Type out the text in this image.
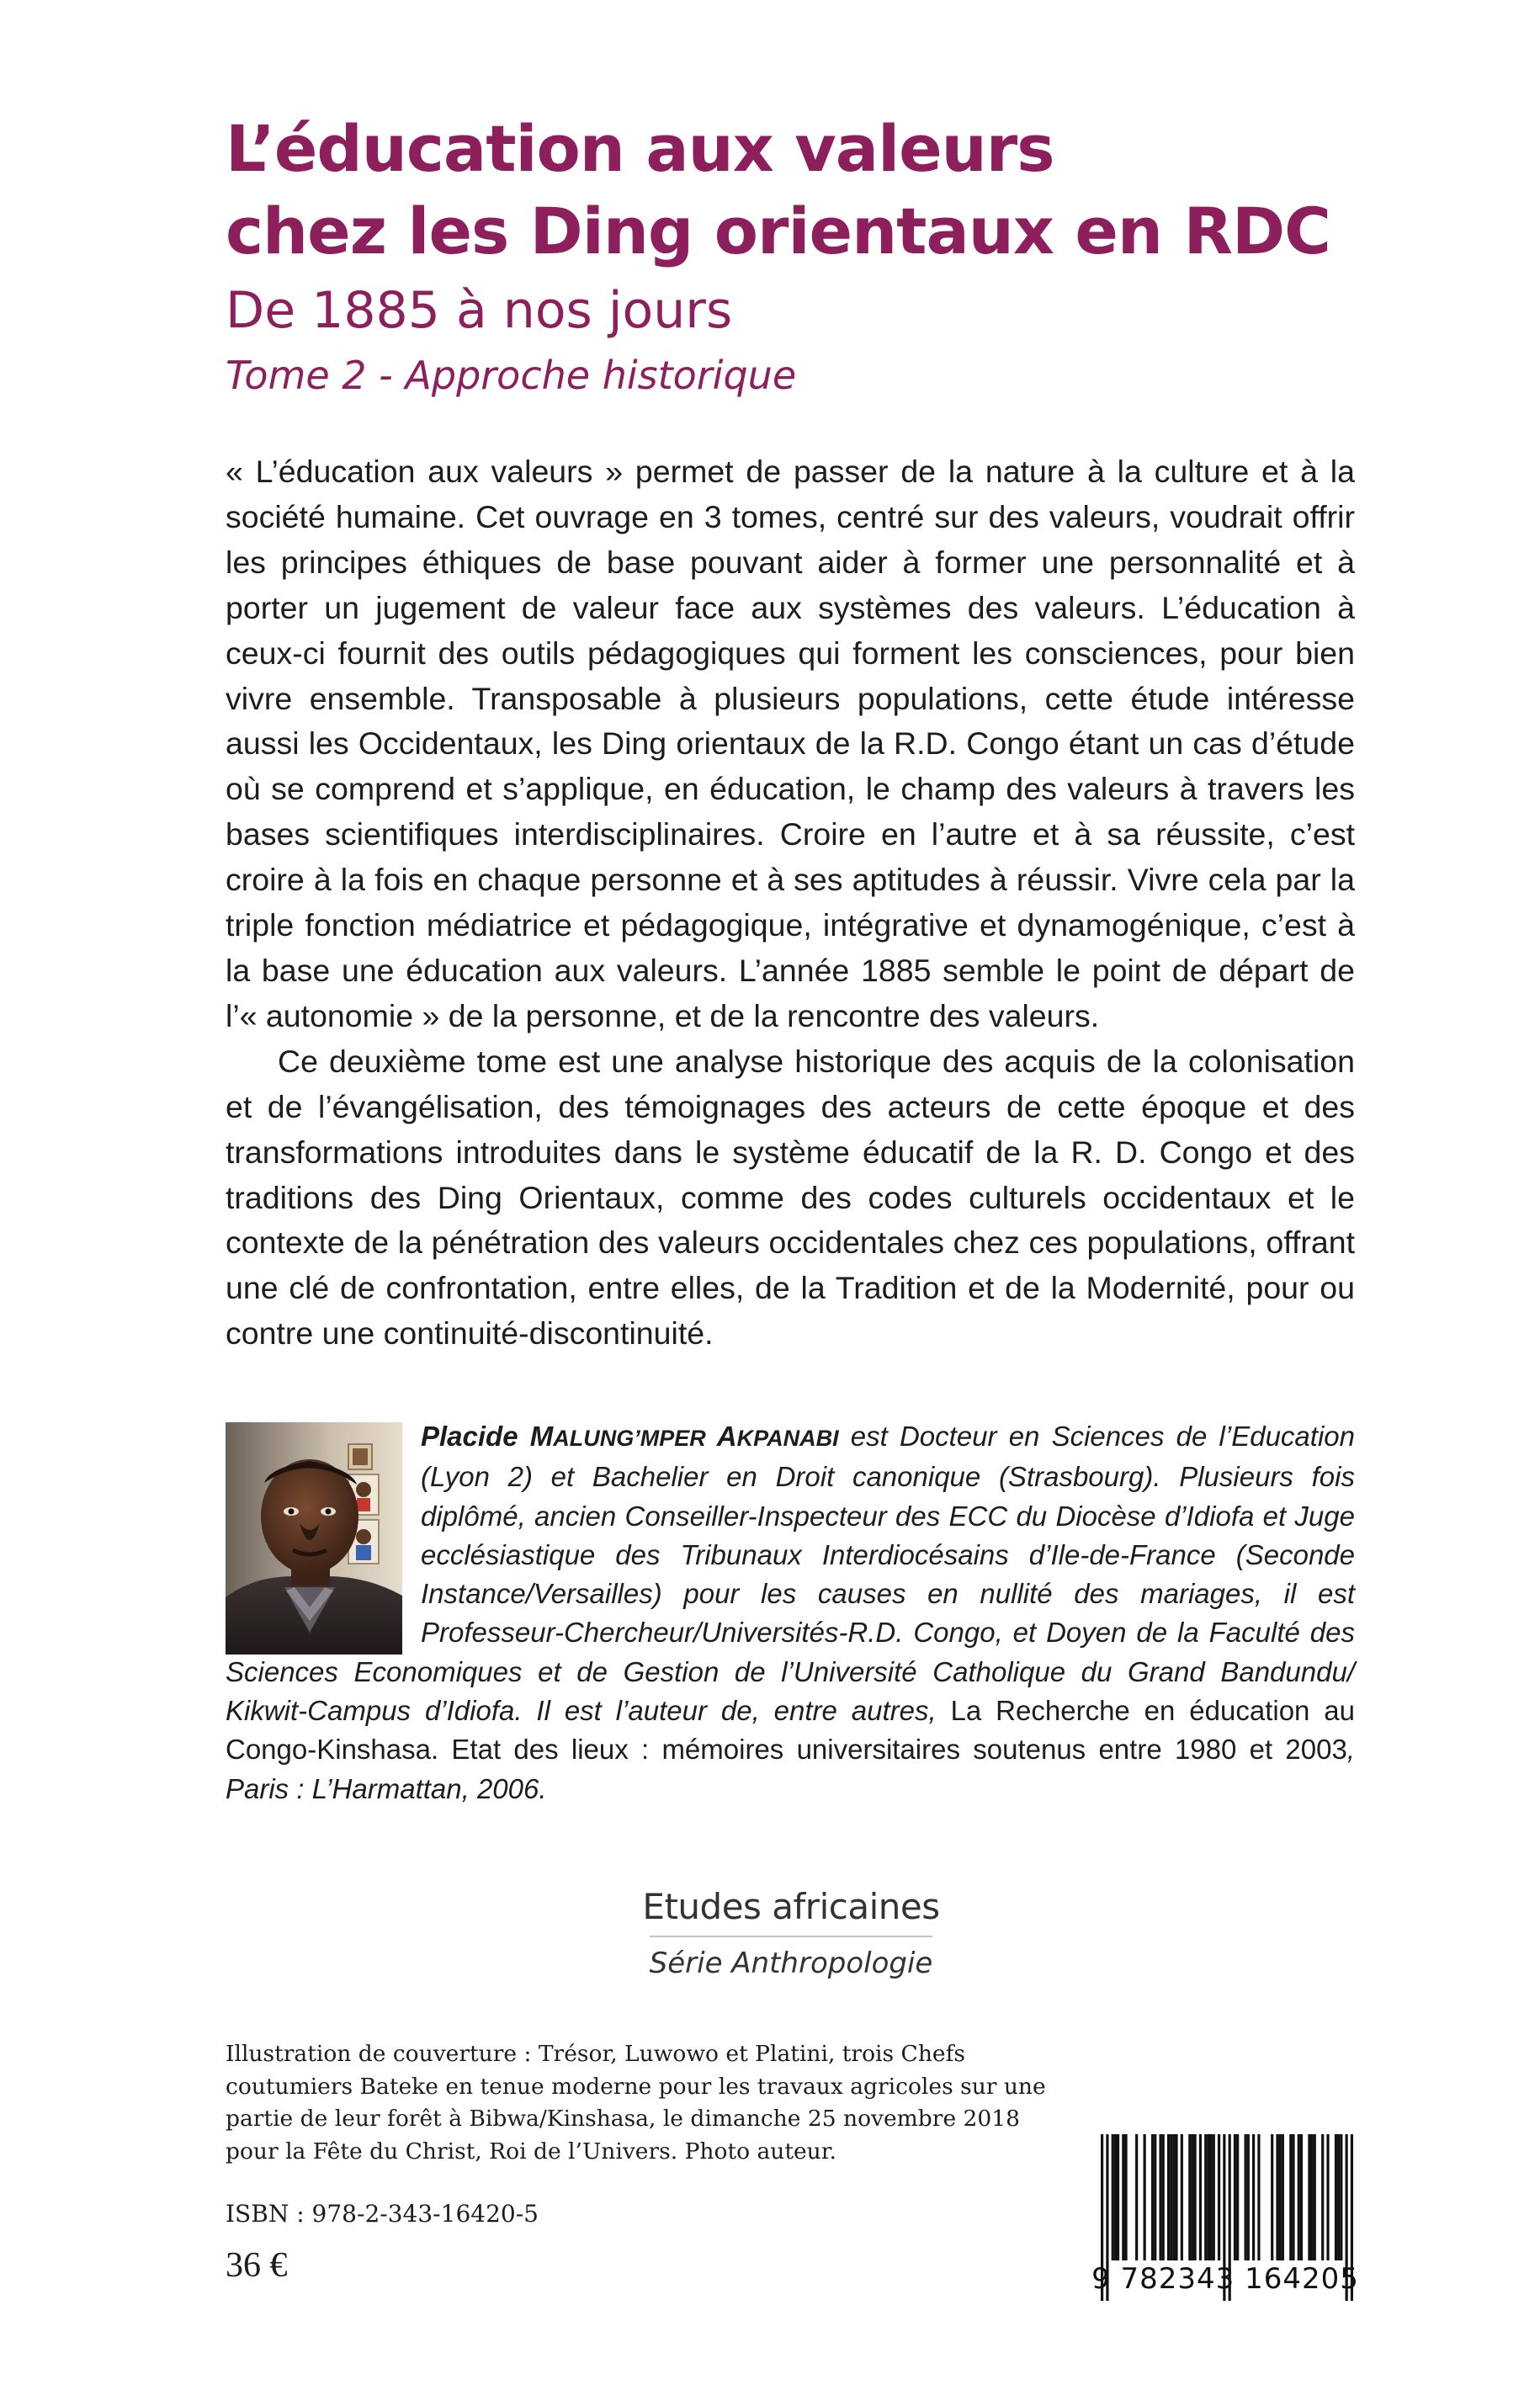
L’éducation aux valeurs
chez les Ding orientaux en RDC
De 1885 à nos jours
Tome 2 - Approche historique

« L’éducation aux valeurs » permet de passer de la nature à la culture et à la société humaine. Cet ouvrage en 3 tomes, centré sur des valeurs, voudrait offrir les principes éthiques de base pouvant aider à former une personnalité et à porter un jugement de valeur face aux systèmes des valeurs. L’éducation à ceux-ci fournit des outils pédagogiques qui forment les consciences, pour bien vivre ensemble. Transposable à plusieurs populations, cette étude intéresse aussi les Occidentaux, les Ding orientaux de la R.D. Congo étant un cas d’étude où se comprend et s’applique, en éducation, le champ des valeurs à travers les bases scientifiques interdisciplinaires. Croire en l’autre et à sa réussite, c’est croire à la fois en chaque personne et à ses aptitudes à réussir. Vivre cela par la triple fonction médiatrice et pédagogique, intégrative et dynamogénique, c’est à la base une éducation aux valeurs. L’année 1885 semble le point de départ de l’« autonomie » de la personne, et de la rencontre des valeurs.

Ce deuxième tome est une analyse historique des acquis de la colonisation et de l’évangélisation, des témoignages des acteurs de cette époque et des transformations introduites dans le système éducatif de la R. D. Congo et des traditions des Ding Orientaux, comme des codes culturels occidentaux et le contexte de la pénétration des valeurs occidentales chez ces populations, offrant une clé de confrontation, entre elles, de la Tradition et de la Modernité, pour ou contre une continuité-discontinuité.

Placide MALUNG’MPER AKPANABI est Docteur en Sciences de l’Education (Lyon 2) et Bachelier en Droit canonique (Strasbourg). Plusieurs fois diplômé, ancien Conseiller-Inspecteur des ECC du Diocèse d’Idiofa et Juge ecclésiastique des Tribunaux Interdiocésains d’Ile-de-France (Seconde Instance/Versailles) pour les causes en nullité des mariages, il est Professeur-Chercheur/Universités-R.D. Congo, et Doyen de la Faculté des Sciences Economiques et de Gestion de l’Université Catholique du Grand Bandundu/ Kikwit-Campus d’Idiofa. Il est l’auteur de, entre autres, La Recherche en éducation au Congo-Kinshasa. Etat des lieux : mémoires universitaires soutenus entre 1980 et 2003, Paris : L’Harmattan, 2006.

Etudes africaines
Série Anthropologie
Illustration de couverture : Trésor, Luwowo et Platini, trois Chefs coutumiers Bateke en tenue moderne pour les travaux agricoles sur une partie de leur forêt à Bibwa/Kinshasa, le dimanche 25 novembre 2018 pour la Fête du Christ, Roi de l’Univers. Photo auteur.
ISBN : 978-2-343-16420-5
36 €	9 782343 164205
